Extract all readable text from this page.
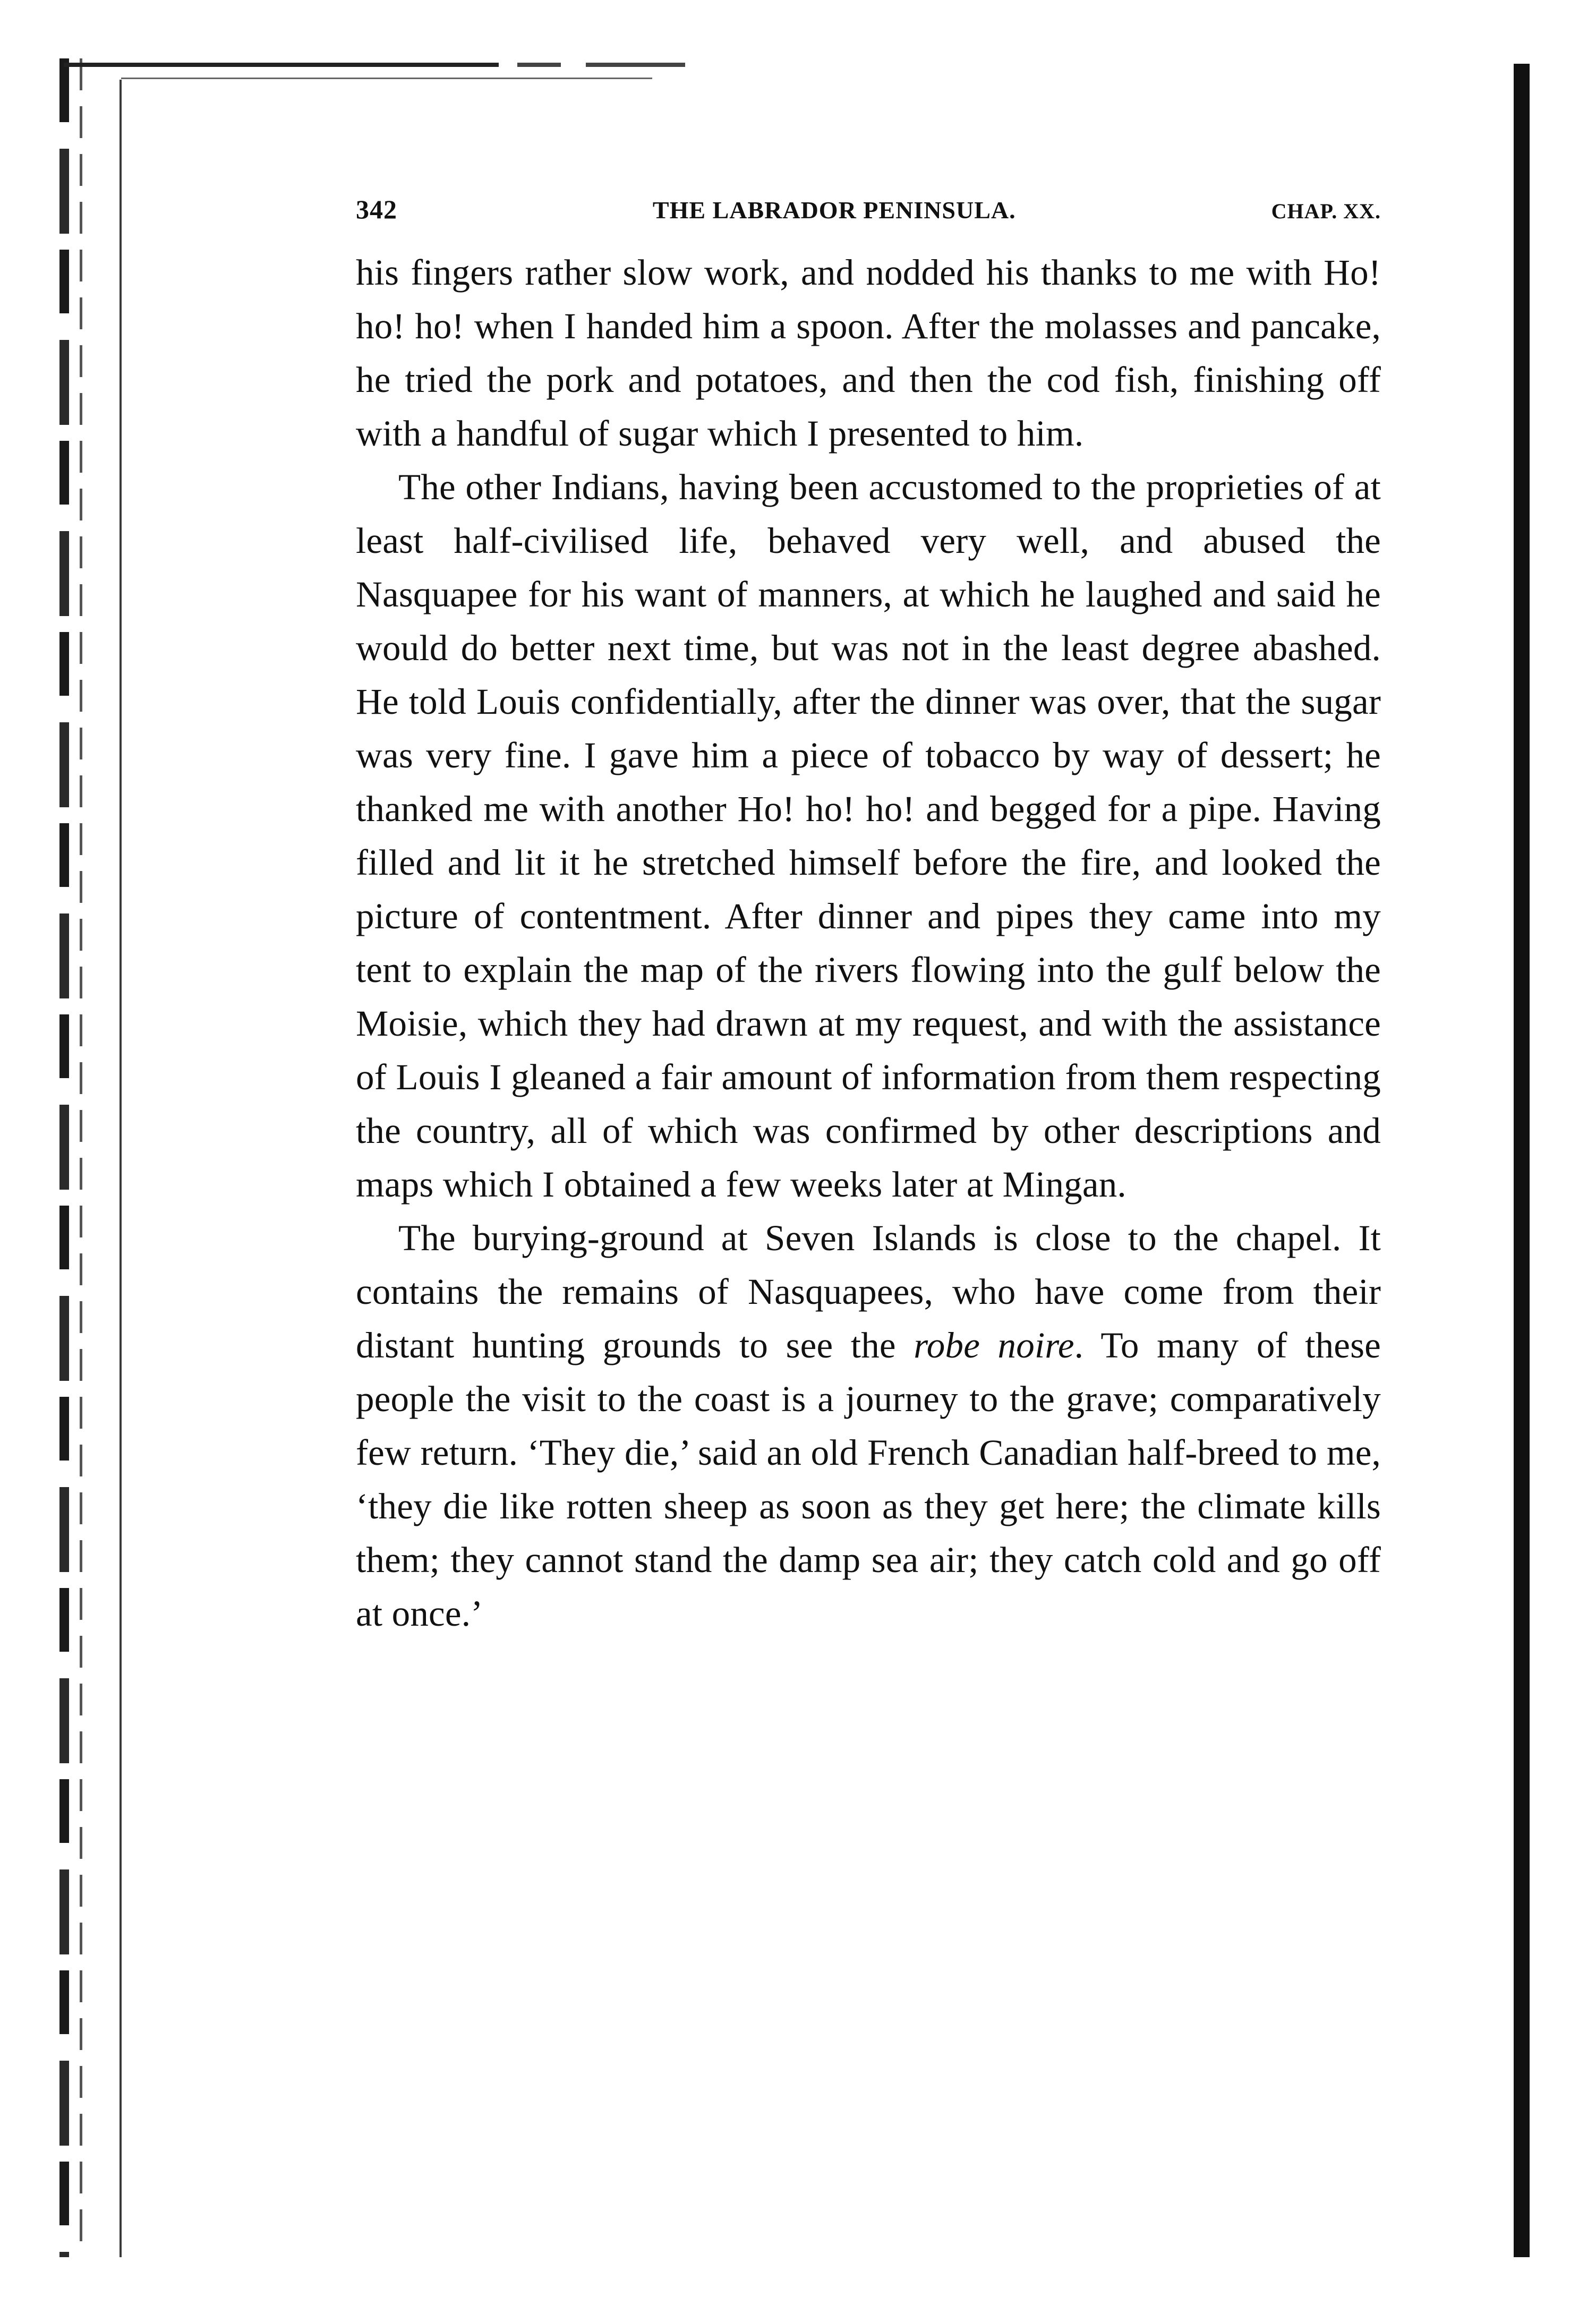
342	THE LABRADOR PENINSULA.	CHAP. XX.

his fingers rather slow work, and nodded his thanks to me with Ho! ho! ho! when I handed him a spoon. After the molasses and pancake, he tried the pork and potatoes, and then the cod fish, finishing off with a handful of sugar which I presented to him.

The other Indians, having been accustomed to the proprieties of at least half-civilised life, behaved very well, and abused the Nasquapee for his want of manners, at which he laughed and said he would do better next time, but was not in the least degree abashed. He told Louis confidentially, after the dinner was over, that the sugar was very fine. I gave him a piece of tobacco by way of dessert; he thanked me with another Ho! ho! ho! and begged for a pipe. Having filled and lit it he stretched himself before the fire, and looked the picture of contentment. After dinner and pipes they came into my tent to explain the map of the rivers flowing into the gulf below the Moisie, which they had drawn at my request, and with the assistance of Louis I gleaned a fair amount of information from them respecting the country, all of which was confirmed by other descriptions and maps which I obtained a few weeks later at Mingan.

The burying-ground at Seven Islands is close to the chapel. It contains the remains of Nasquapees, who have come from their distant hunting grounds to see the robe noire. To many of these people the visit to the coast is a journey to the grave; comparatively few return. ‘They die,’ said an old French Canadian half-breed to me, ‘they die like rotten sheep as soon as they get here; the climate kills them; they cannot stand the damp sea air; they catch cold and go off at once.’
